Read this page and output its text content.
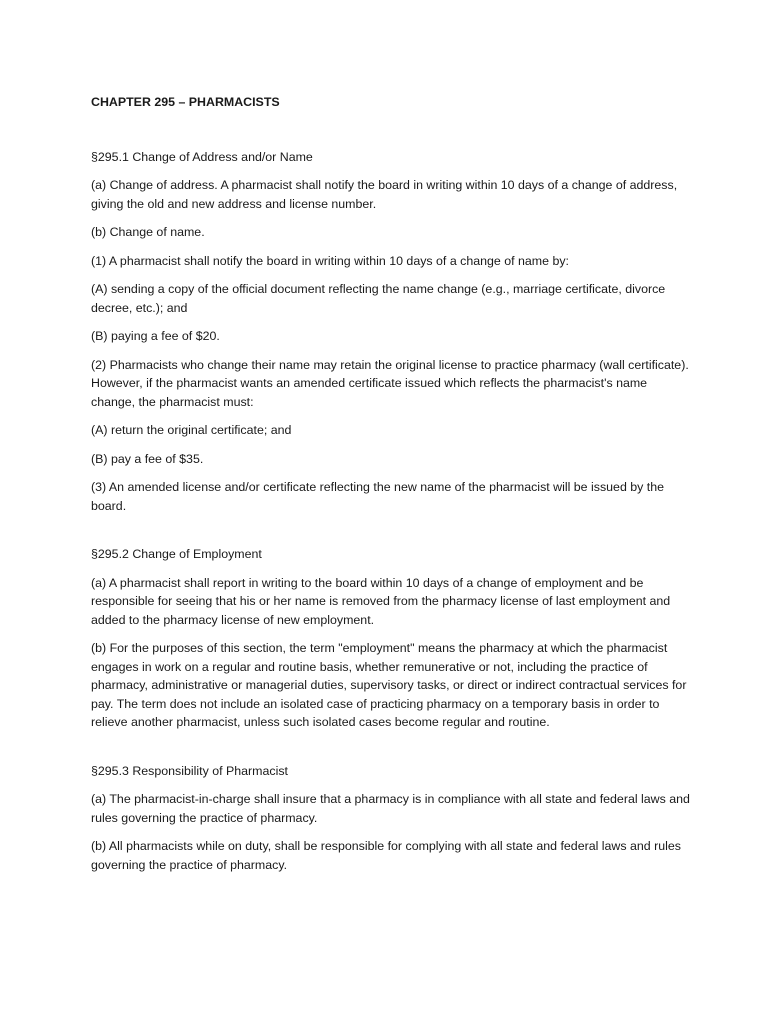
CHAPTER 295 – PHARMACISTS
§295.1 Change of Address and/or Name

(a) Change of address. A pharmacist shall notify the board in writing within 10 days of a change of address, giving the old and new address and license number.

(b) Change of name.

(1) A pharmacist shall notify the board in writing within 10 days of a change of name by:

(A) sending a copy of the official document reflecting the name change (e.g., marriage certificate, divorce decree, etc.); and

(B) paying a fee of $20.

(2) Pharmacists who change their name may retain the original license to practice pharmacy (wall certificate). However, if the pharmacist wants an amended certificate issued which reflects the pharmacist's name change, the pharmacist must:

(A) return the original certificate; and

(B) pay a fee of $35.

(3) An amended license and/or certificate reflecting the new name of the pharmacist will be issued by the board.

§295.2 Change of Employment

(a) A pharmacist shall report in writing to the board within 10 days of a change of employment and be responsible for seeing that his or her name is removed from the pharmacy license of last employment and added to the pharmacy license of new employment.

(b) For the purposes of this section, the term "employment" means the pharmacy at which the pharmacist engages in work on a regular and routine basis, whether remunerative or not, including the practice of pharmacy, administrative or managerial duties, supervisory tasks, or direct or indirect contractual services for pay. The term does not include an isolated case of practicing pharmacy on a temporary basis in order to relieve another pharmacist, unless such isolated cases become regular and routine.

§295.3 Responsibility of Pharmacist

(a) The pharmacist-in-charge shall insure that a pharmacy is in compliance with all state and federal laws and rules governing the practice of pharmacy.

(b) All pharmacists while on duty, shall be responsible for complying with all state and federal laws and rules governing the practice of pharmacy.
